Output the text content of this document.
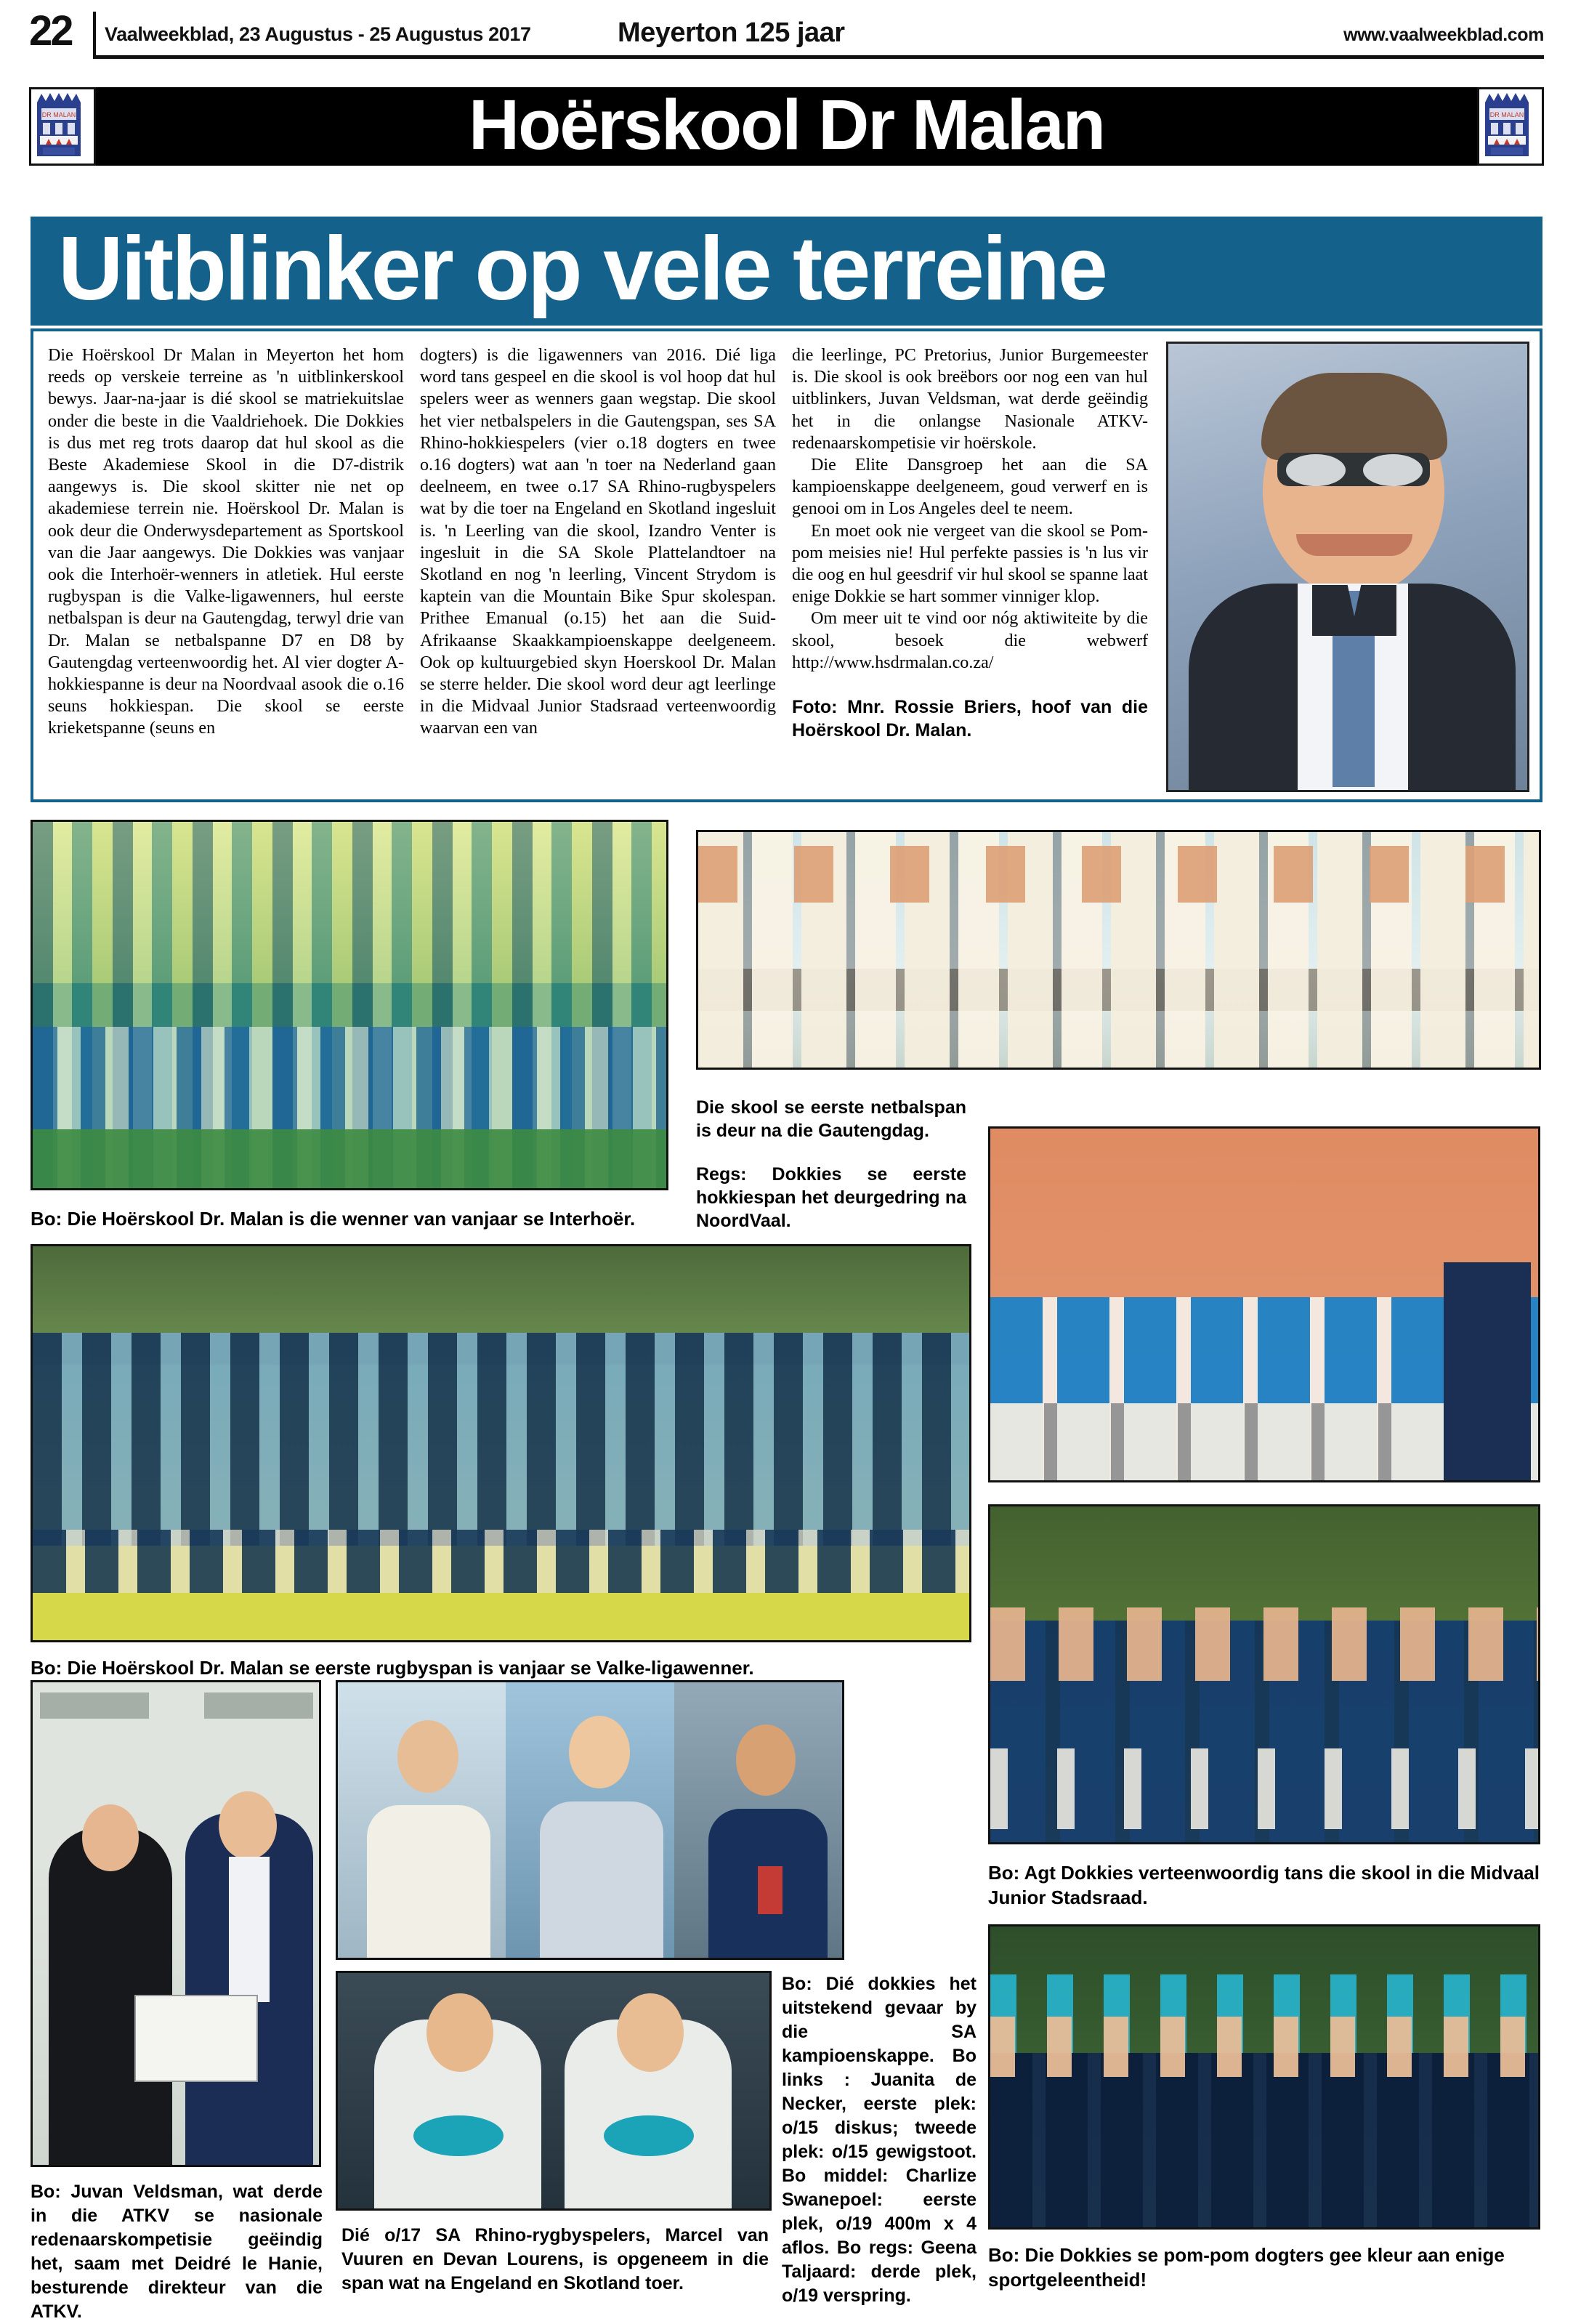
22 Vaalweekblad, 23 Augustus - 25 Augustus 2017	Meyerton 125 jaar	www.vaalweekblad.com
Hoërskool Dr Malan
DR MALAN	DR MALAN
Uitblinker op vele terreine

Die Hoërskool Dr Malan in Meyerton het hom reeds op verskeie terreine as 'n uitblinkerskool bewys. Jaar-na-jaar is dié skool se matriekuitslae onder die beste in die Vaaldriehoek. Die Dokkies is dus met reg trots daarop dat hul skool as die Beste Akademiese Skool in die D7-distrik aangewys is. Die skool skitter nie net op akademiese terrein nie. Hoërskool Dr. Malan is ook deur die Onderwysdepartement as Sportskool van die Jaar aangewys. Die Dokkies was vanjaar ook die Interhoër-wenners in atletiek. Hul eerste rugbyspan is die Valke-ligawenners, hul eerste netbalspan is deur na Gautengdag, terwyl drie van Dr. Malan se netbalspanne D7 en D8 by Gautengdag verteenwoordig het. Al vier dogter A-hokkiespanne is deur na Noordvaal asook die o.16 seuns hokkiespan. Die skool se eerste krieketspanne (seuns en

dogters) is die ligawenners van 2016. Dié liga word tans gespeel en die skool is vol hoop dat hul spelers weer as wenners gaan wegstap. Die skool het vier netbalspelers in die Gautengspan, ses SA Rhino-hokkiespelers (vier o.18 dogters en twee o.16 dogters) wat aan 'n toer na Nederland gaan deelneem, en twee o.17 SA Rhino-rugbyspelers wat by die toer na Engeland en Skotland ingesluit is. 'n Leerling van die skool, Izandro Venter is ingesluit in die SA Skole Plattelandtoer na Skotland en nog 'n leerling, Vincent Strydom is kaptein van die Mountain Bike Spur skolespan. Prithee Emanual (o.15) het aan die Suid-Afrikaanse Skaakkampioenskappe deelgeneem. Ook op kultuurgebied skyn Hoerskool Dr. Malan se sterre helder. Die skool word deur agt leerlinge in die Midvaal Junior Stadsraad verteenwoordig waarvan een van

die leerlinge, PC Pretorius, Junior Burgemeester is. Die skool is ook breëbors oor nog een van hul uitblinkers, Juvan Veldsman, wat derde geëindig het in die onlangse Nasionale ATKV-redenaarskompetisie vir hoërskole.

Die Elite Dansgroep het aan die SA kampioenskappe deelgeneem, goud verwerf en is genooi om in Los Angeles deel te neem.

En moet ook nie vergeet van die skool se Pom-pom meisies nie! Hul perfekte passies is 'n lus vir die oog en hul geesdrif vir hul skool se spanne laat enige Dokkie se hart sommer vinniger klop.

Om meer uit te vind oor nóg aktiwiteite by die skool, besoek die webwerf http://www.hsdrmalan.co.za/

Foto: Mnr. Rossie Briers, hoof van die Hoërskool Dr. Malan.
Die skool se eerste netbalspan is deur na die Gautengdag.
Regs: Dokkies se eerste hokkiespan het deurgedring na NoordVaal.
Bo: Die Hoërskool Dr. Malan is die wenner van vanjaar se Interhoër.
Bo: Die Hoërskool Dr. Malan se eerste rugbyspan is vanjaar se Valke-ligawenner.
Bo: Agt Dokkies verteenwoordig tans die skool in die Midvaal Junior Stadsraad.
Bo: Juvan Veldsman, wat derde in die ATKV se nasionale redenaarskompetisie geëindig het, saam met Deidré le Hanie, besturende direkteur van die ATKV.
Dié o/17 SA Rhino-rygbyspelers, Marcel van Vuuren en Devan Lourens, is opgeneem in die span wat na Engeland en Skotland toer.
Bo: Dié dokkies het uitstekend gevaar by die SA kampioenskappe. Bo links : Juanita de Necker, eerste plek: o/15 diskus; tweede plek: o/15 gewigstoot. Bo middel: Charlize Swanepoel: eerste plek, o/19 400m x 4 aflos. Bo regs: Geena Taljaard: derde plek, o/19 verspring.
Bo: Die Dokkies se pom-pom dogters gee kleur aan enige sportgeleentheid!
